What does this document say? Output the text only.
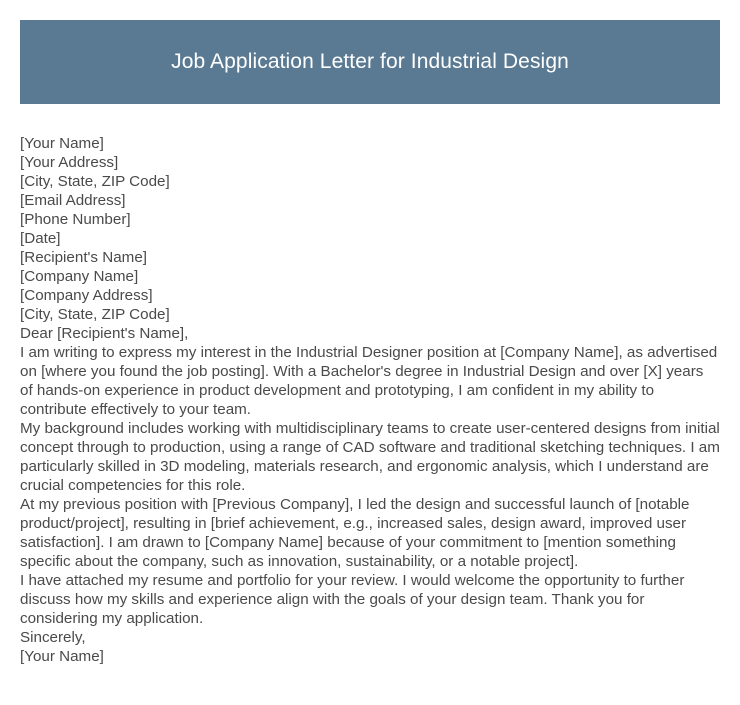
Job Application Letter for Industrial Design
[Your Name]
[Your Address]
[City, State, ZIP Code]
[Email Address]
[Phone Number]
[Date]
[Recipient's Name]
[Company Name]
[Company Address]
[City, State, ZIP Code]
Dear [Recipient's Name],
I am writing to express my interest in the Industrial Designer position at [Company Name], as advertised on [where you found the job posting]. With a Bachelor's degree in Industrial Design and over [X] years of hands-on experience in product development and prototyping, I am confident in my ability to contribute effectively to your team.
My background includes working with multidisciplinary teams to create user-centered designs from initial concept through to production, using a range of CAD software and traditional sketching techniques. I am particularly skilled in 3D modeling, materials research, and ergonomic analysis, which I understand are crucial competencies for this role.
At my previous position with [Previous Company], I led the design and successful launch of [notable product/project], resulting in [brief achievement, e.g., increased sales, design award, improved user satisfaction]. I am drawn to [Company Name] because of your commitment to [mention something specific about the company, such as innovation, sustainability, or a notable project].
I have attached my resume and portfolio for your review. I would welcome the opportunity to further discuss how my skills and experience align with the goals of your design team. Thank you for considering my application.
Sincerely,
[Your Name]
